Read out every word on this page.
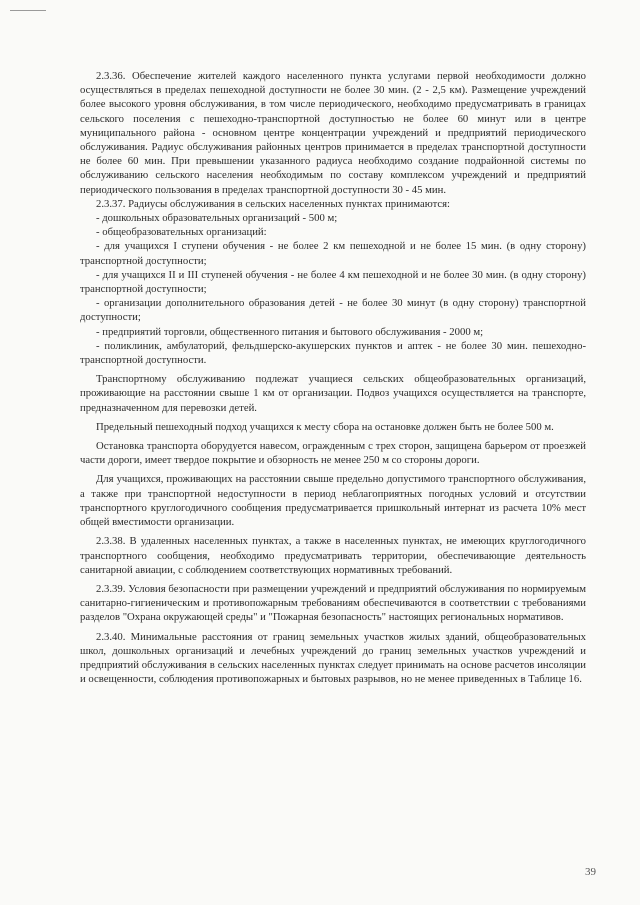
2.3.36. Обеспечение жителей каждого населенного пункта услугами первой необходимости должно осуществляться в пределах пешеходной доступности не более 30 мин. (2 - 2,5 км). Размещение учреждений более высокого уровня обслуживания, в том числе периодического, необходимо предусматривать в границах сельского поселения с пешеходно-транспортной доступностью не более 60 минут или в центре муниципального района - основном центре концентрации учреждений и предприятий периодического обслуживания. Радиус обслуживания районных центров принимается в пределах транспортной доступности не более 60 мин. При превышении указанного радиуса необходимо создание подрайонной системы по обслуживанию сельского населения необходимым по составу комплексом учреждений и предприятий периодического пользования в пределах транспортной доступности 30 - 45 мин.

2.3.37. Радиусы обслуживания в сельских населенных пунктах принимаются:

- дошкольных образовательных организаций - 500 м;
- общеобразовательных организаций:
- для учащихся I ступени обучения - не более 2 км пешеходной и не более 15 мин. (в одну сторону) транспортной доступности;
- для учащихся II и III ступеней обучения - не более 4 км пешеходной и не более 30 мин. (в одну сторону) транспортной доступности;
- организации дополнительного образования детей - не более 30 минут (в одну сторону) транспортной доступности;
- предприятий торговли, общественного питания и бытового обслуживания - 2000 м;
- поликлиник, амбулаторий, фельдшерско-акушерских пунктов и аптек - не более 30 мин. пешеходно-транспортной доступности.

Транспортному обслуживанию подлежат учащиеся сельских общеобразовательных организаций, проживающие на расстоянии свыше 1 км от организации. Подвоз учащихся осуществляется на транспорте, предназначенном для перевозки детей.

Предельный пешеходный подход учащихся к месту сбора на остановке должен быть не более 500 м.

Остановка транспорта оборудуется навесом, огражденным с трех сторон, защищена барьером от проезжей части дороги, имеет твердое покрытие и обзорность не менее 250 м со стороны дороги.

Для учащихся, проживающих на расстоянии свыше предельно допустимого транспортного обслуживания, а также при транспортной недоступности в период неблагоприятных погодных условий и отсутствии транспортного круглогодичного сообщения предусматривается пришкольный интернат из расчета 10% мест общей вместимости организации.

2.3.38. В удаленных населенных пунктах, а также в населенных пунктах, не имеющих круглогодичного транспортного сообщения, необходимо предусматривать территории, обеспечивающие деятельность санитарной авиации, с соблюдением соответствующих нормативных требований.

2.3.39. Условия безопасности при размещении учреждений и предприятий обслуживания по нормируемым санитарно-гигиеническим и противопожарным требованиям обеспечиваются в соответствии с требованиями разделов "Охрана окружающей среды" и "Пожарная безопасность" настоящих региональных нормативов.

2.3.40. Минимальные расстояния от границ земельных участков жилых зданий, общеобразовательных школ, дошкольных организаций и лечебных учреждений до границ земельных участков учреждений и предприятий обслуживания в сельских населенных пунктах следует принимать на основе расчетов инсоляции и освещенности, соблюдения противопожарных и бытовых разрывов, но не менее приведенных в Таблице 16.

39
